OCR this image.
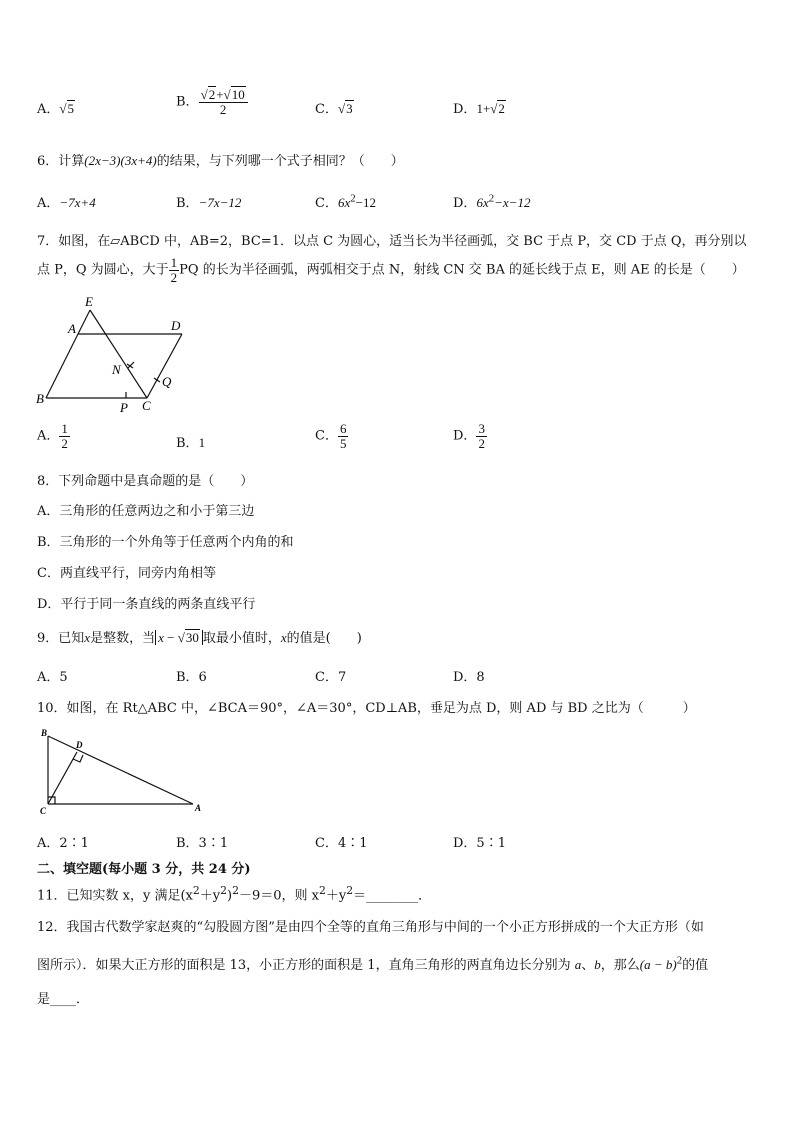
A．√5	B． $\frac{√2+√10}{2}$	C．√3	D．1+√2
6．计算(2x−3)(3x+4)的结果，与下列哪一个式子相同？（　　）
A．−7x+4	B．−7x−12	C．$6x^2-12$	D．$6x^2-x-12$
7．如图，在▱ABCD 中，AB=2，BC=1．以点 C 为圆心，适当长为半径画弧，交 BC 于点 P，交 CD 于点 Q，再分别以
点 P，Q 为圆心，大于 $\frac{1}{2}$ PQ 的长为半径画弧，两弧相交于点 N，射线 CN 交 BA 的延长线于点 E，则 AE 的长是（　　）
E
A	D
B	C
N
Q
P
A． $\frac{1}{2}$	B．1	C． $\frac{6}{5}$	D． $\frac{3}{2}$
8．下列命题中是真命题的是（　　）
A．三角形的任意两边之和小于第三边
B．三角形的一个外角等于任意两个内角的和
C．两直线平行，同旁内角相等
D．平行于同一条直线的两条直线平行
9．已知x是整数，当 x − √30 取最小值时，x的值是(　　)
A．5	B．6	C．7	D．8
10．如图，在 Rt△ABC 中，∠BCA＝90°，∠A＝30°，CD⊥AB，垂足为点 D，则 AD 与 BD 之比为（　　　）
B
D
C	A
A．2∶1	B．3∶1	C．4∶1	D．5∶1
二、填空题(每小题 3 分，共 24 分)
11．已知实数 x，y 满足$(x^2+y^2)^2-9=0$，则 $x^2+y^2=\_\_\_\_\_\_\_\_$．
12．我国古代数学家赵爽的“勾股圆方图”是由四个全等的直角三角形与中间的一个小正方形拼成的一个大正方形（如
图所示）．如果大正方形的面积是 13，小正方形的面积是 1，直角三角形的两直角边长分别为 a、b，那么$(a - b)^2$的值
是____．
